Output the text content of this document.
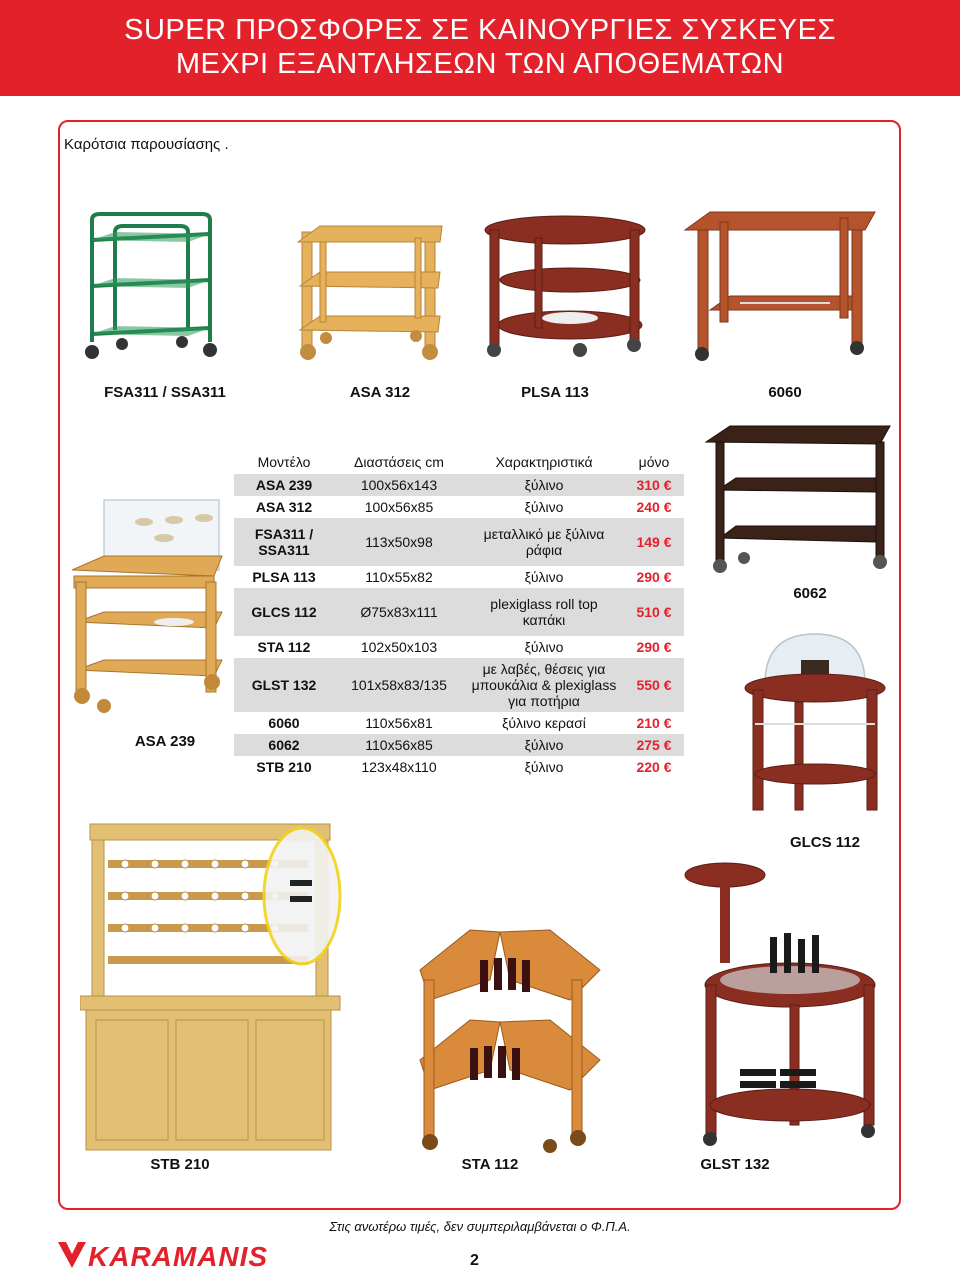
SUPER ΠΡΟΣΦΟΡΕΣ ΣΕ ΚΑΙΝΟΥΡΓΙΕΣ ΣΥΣΚΕΥΕΣ
ΜΕΧΡΙ ΕΞΑΝΤΛΗΣΕΩΝ ΤΩΝ ΑΠΟΘΕΜΑΤΩΝ
Καρότσια παρουσίασης .
FSA311 / SSA311	ASA 312	PLSA 113	6060
ASA 239
Μοντέλο	Διαστάσεις cm	Χαρακτηριστικά	μόνο
ASA 239	100x56x143	ξύλινο	310 €
ASA 312	100x56x85	ξύλινο	240 €
FSA311 / SSA311	113x50x98	μεταλλικό με ξύλινα ράφια	149 €
PLSA 113	110x55x82	ξύλινο	290 €
GLCS 112	Ø75x83x111	plexiglass roll top καπάκι	510 €
STA 112	102x50x103	ξύλινο	290 €
GLST 132	101x58x83/135	με λαβές, θέσεις για μπουκάλια & plexiglass για ποτήρια	550 €
6060	110x56x81	ξύλινο κερασί	210 €
6062	110x56x85	ξύλινο	275 €
STB 210	123x48x110	ξύλινο	220 €
6062
GLCS 112
STB 210	STA 112	GLST 132
Στις ανωτέρω τιμές, δεν συμπεριλαμβάνεται ο Φ.Π.Α.
KARAMANIS	2
